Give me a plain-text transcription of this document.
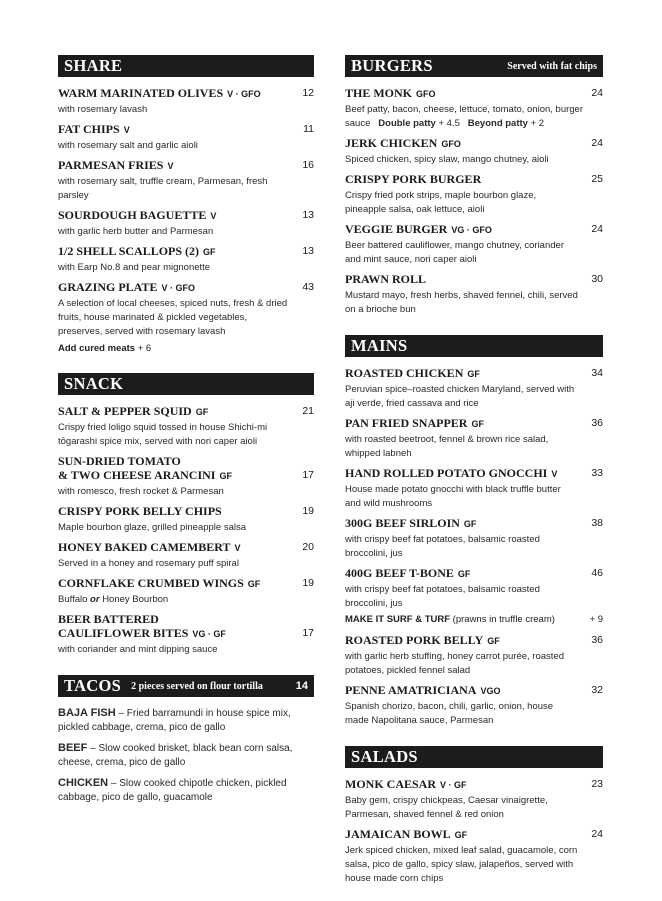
SHARE
WARM MARINATED OLIVES V · GFO	12
with rosemary lavash
FAT CHIPS V	11
with rosemary salt and garlic aioli
PARMESAN FRIES V	16
with rosemary salt, truffle cream, Parmesan, fresh parsley
SOURDOUGH BAGUETTE V	13
with garlic herb butter and Parmesan
1/2 SHELL SCALLOPS (2) GF	13
with Earp No.8 and pear mignonette
GRAZING PLATE V · GFO	43
A selection of local cheeses, spiced nuts, fresh & dried fruits, house marinated & pickled vegetables, preserves, served with rosemary lavash
Add cured meats + 6
SNACK
SALT & PEPPER SQUID GF	21
Crispy fried loligo squid tossed in house Shichi-mi tōgarashi spice mix, served with nori caper aioli
SUN-DRIED TOMATO
& TWO CHEESE ARANCINI GF	17
with romesco, fresh rocket & Parmesan
CRISPY PORK BELLY CHIPS	19
Maple bourbon glaze, grilled pineapple salsa
HONEY BAKED CAMEMBERT V	20
Served in a honey and rosemary puff spiral
CORNFLAKE CRUMBED WINGS GF	19
Buffalo or Honey Bourbon
BEER BATTERED
CAULIFLOWER BITES VG · GF	17
with coriander and mint dipping sauce
TACOS 2 pieces served on flour tortilla	14
BAJA FISH – Fried barramundi in house spice mix, pickled cabbage, crema, pico de gallo
BEEF – Slow cooked brisket, black bean corn salsa, cheese, crema, pico de gallo
CHICKEN – Slow cooked chipotle chicken, pickled cabbage, pico de gallo, guacamole
BURGERS	Served with fat chips
THE MONK GFO	24
Beef patty, bacon, cheese, lettuce, tomato, onion, burger sauce Double patty + 4.5 Beyond patty + 2
JERK CHICKEN GFO	24
Spiced chicken, spicy slaw, mango chutney, aioli
CRISPY PORK BURGER	25
Crispy fried pork strips, maple bourbon glaze, pineapple salsa, oak lettuce, aioli
VEGGIE BURGER VG · GFO	24
Beer battered cauliflower, mango chutney, coriander and mint sauce, nori caper aioli
PRAWN ROLL	30
Mustard mayo, fresh herbs, shaved fennel, chili, served on a brioche bun
MAINS
ROASTED CHICKEN GF	34
Peruvian spice–roasted chicken Maryland, served with aji verde, fried cassava and rice
PAN FRIED SNAPPER GF	36
with roasted beetroot, fennel & brown rice salad, whipped labneh
HAND ROLLED POTATO GNOCCHI V	33
House made potato gnocchi with black truffle butter and wild mushrooms
300G BEEF SIRLOIN GF	38
with crispy beef fat potatoes, balsamic roasted broccolini, jus
400G BEEF T-BONE GF	46
with crispy beef fat potatoes, balsamic roasted broccolini, jus
MAKE IT SURF & TURF (prawns in truffle cream)	+ 9
ROASTED PORK BELLY GF	36
with garlic herb stuffing, honey carrot purée, roasted potatoes, pickled fennel salad
PENNE AMATRICIANA VGO	32
Spanish chorizo, bacon, chili, garlic, onion, house made Napolitana sauce, Parmesan
SALADS
MONK CAESAR V · GF	23
Baby gem, crispy chickpeas, Caesar vinaigrette, Parmesan, shaved fennel & red onion
JAMAICAN BOWL GF	24
Jerk spiced chicken, mixed leaf salad, guacamole, corn salsa, pico de gallo, spicy slaw, jalapeños, served with house made corn chips
